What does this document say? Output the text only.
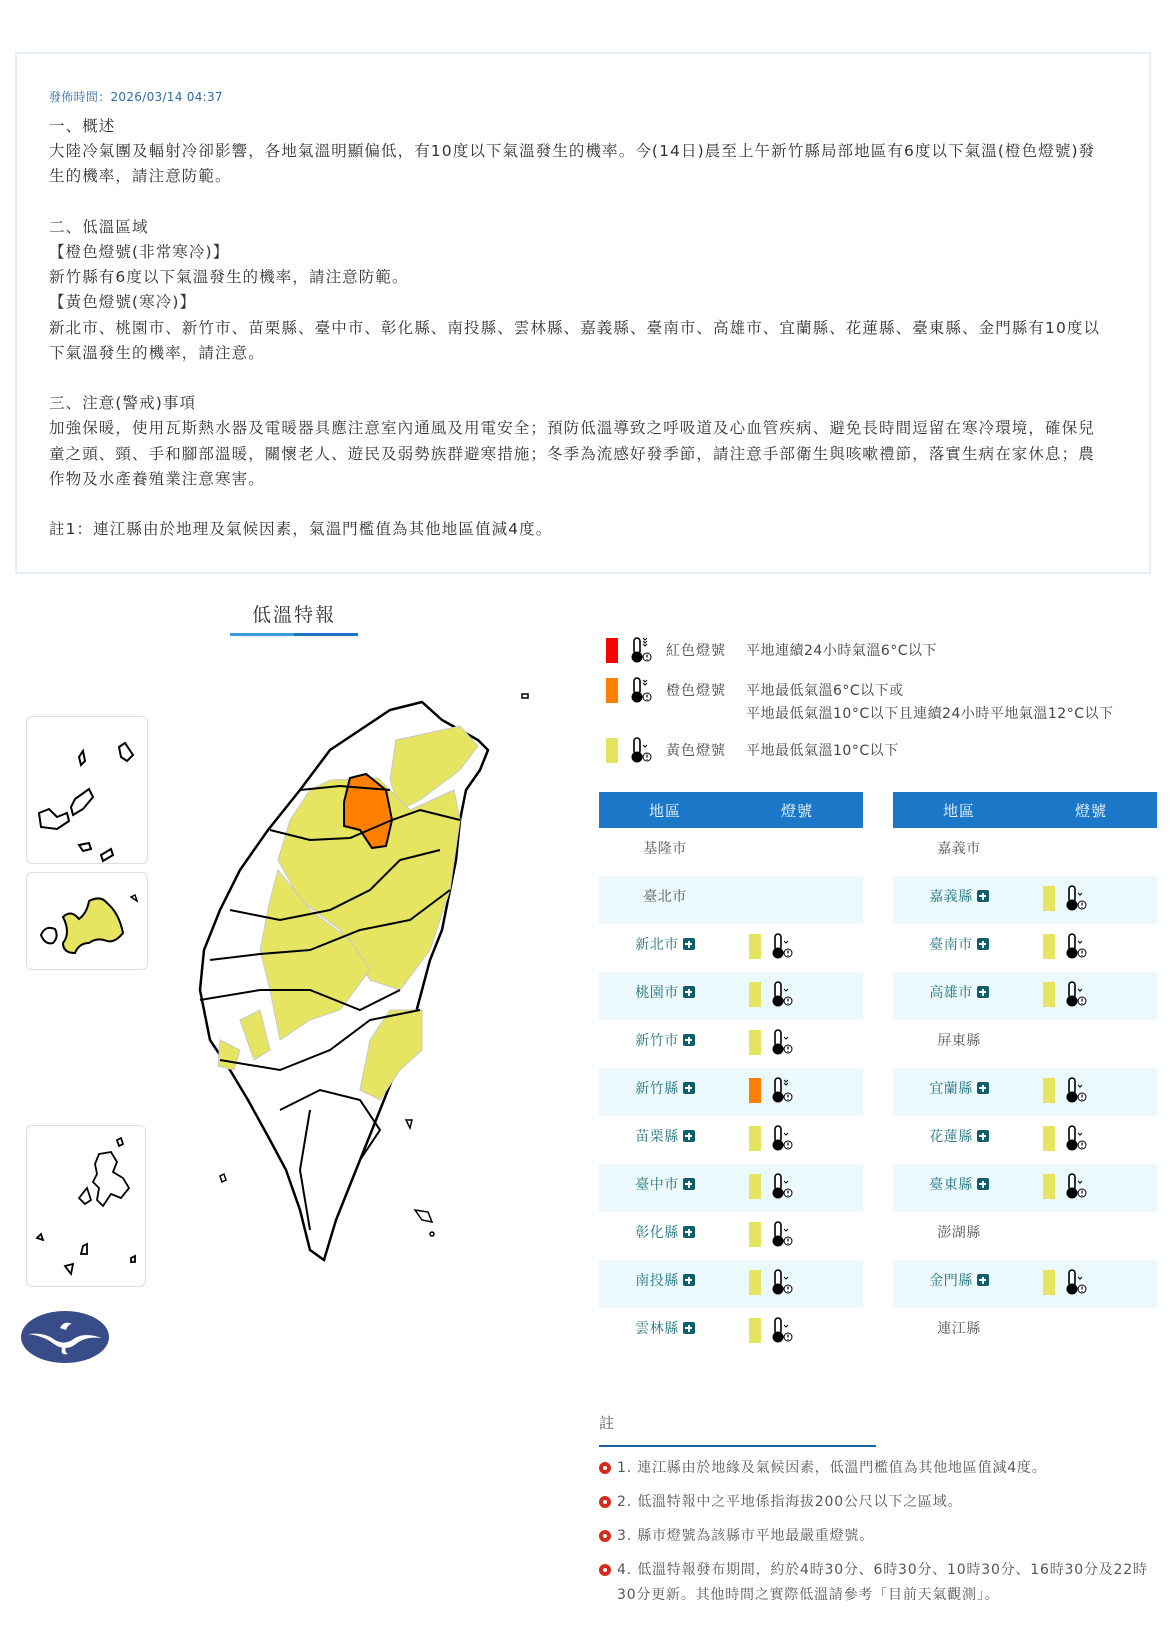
發佈時間：2026/03/14 04:37

一、概述

大陸冷氣團及輻射冷卻影響，各地氣溫明顯偏低，有10度以下氣溫發生的機率。今(14日)晨至上午新竹縣局部地區有6度以下氣溫(橙色燈號)發生的機率，請注意防範。

二、低溫區域

【橙色燈號(非常寒冷)】

新竹縣有6度以下氣溫發生的機率，請注意防範。

【黃色燈號(寒冷)】

新北市、桃園市、新竹市、苗栗縣、臺中市、彰化縣、南投縣、雲林縣、嘉義縣、臺南市、高雄市、宜蘭縣、花蓮縣、臺東縣、金門縣有10度以下氣溫發生的機率，請注意。

三、注意(警戒)事項

加強保暖，使用瓦斯熱水器及電暖器具應注意室內通風及用電安全；預防低溫導致之呼吸道及心血管疾病、避免長時間逗留在寒冷環境，確保兒童之頭、頸、手和腳部溫暖，關懷老人、遊民及弱勢族群避寒措施；冬季為流感好發季節，請注意手部衛生與咳嗽禮節，落實生病在家休息；農作物及水產養殖業注意寒害。

註1：連江縣由於地理及氣候因素，氣溫門檻值為其他地區值減4度。

低溫特報
紅色燈號 平地連續24小時氣溫6°C以下
橙色燈號 平地最低氣溫6°C以下或
平地最低氣溫10°C以下且連續24小時平地氣溫12°C以下
黃色燈號 平地最低氣溫10°C以下
地區	燈號
基隆市
臺北市
新北市
桃園市
新竹市
新竹縣
苗栗縣
臺中市
彰化縣
南投縣
雲林縣
地區	燈號
嘉義市
嘉義縣
臺南市
高雄市
屏東縣
宜蘭縣
花蓮縣
臺東縣
澎湖縣
金門縣
連江縣
註
1. 連江縣由於地緣及氣候因素，低溫門檻值為其他地區值減4度。
2. 低溫特報中之平地係指海拔200公尺以下之區域。
3. 縣市燈號為該縣市平地最嚴重燈號。
4. 低溫特報發布期間，約於4時30分、6時30分、10時30分、16時30分及22時30分更新。其他時間之實際低溫請參考「目前天氣觀測」。
